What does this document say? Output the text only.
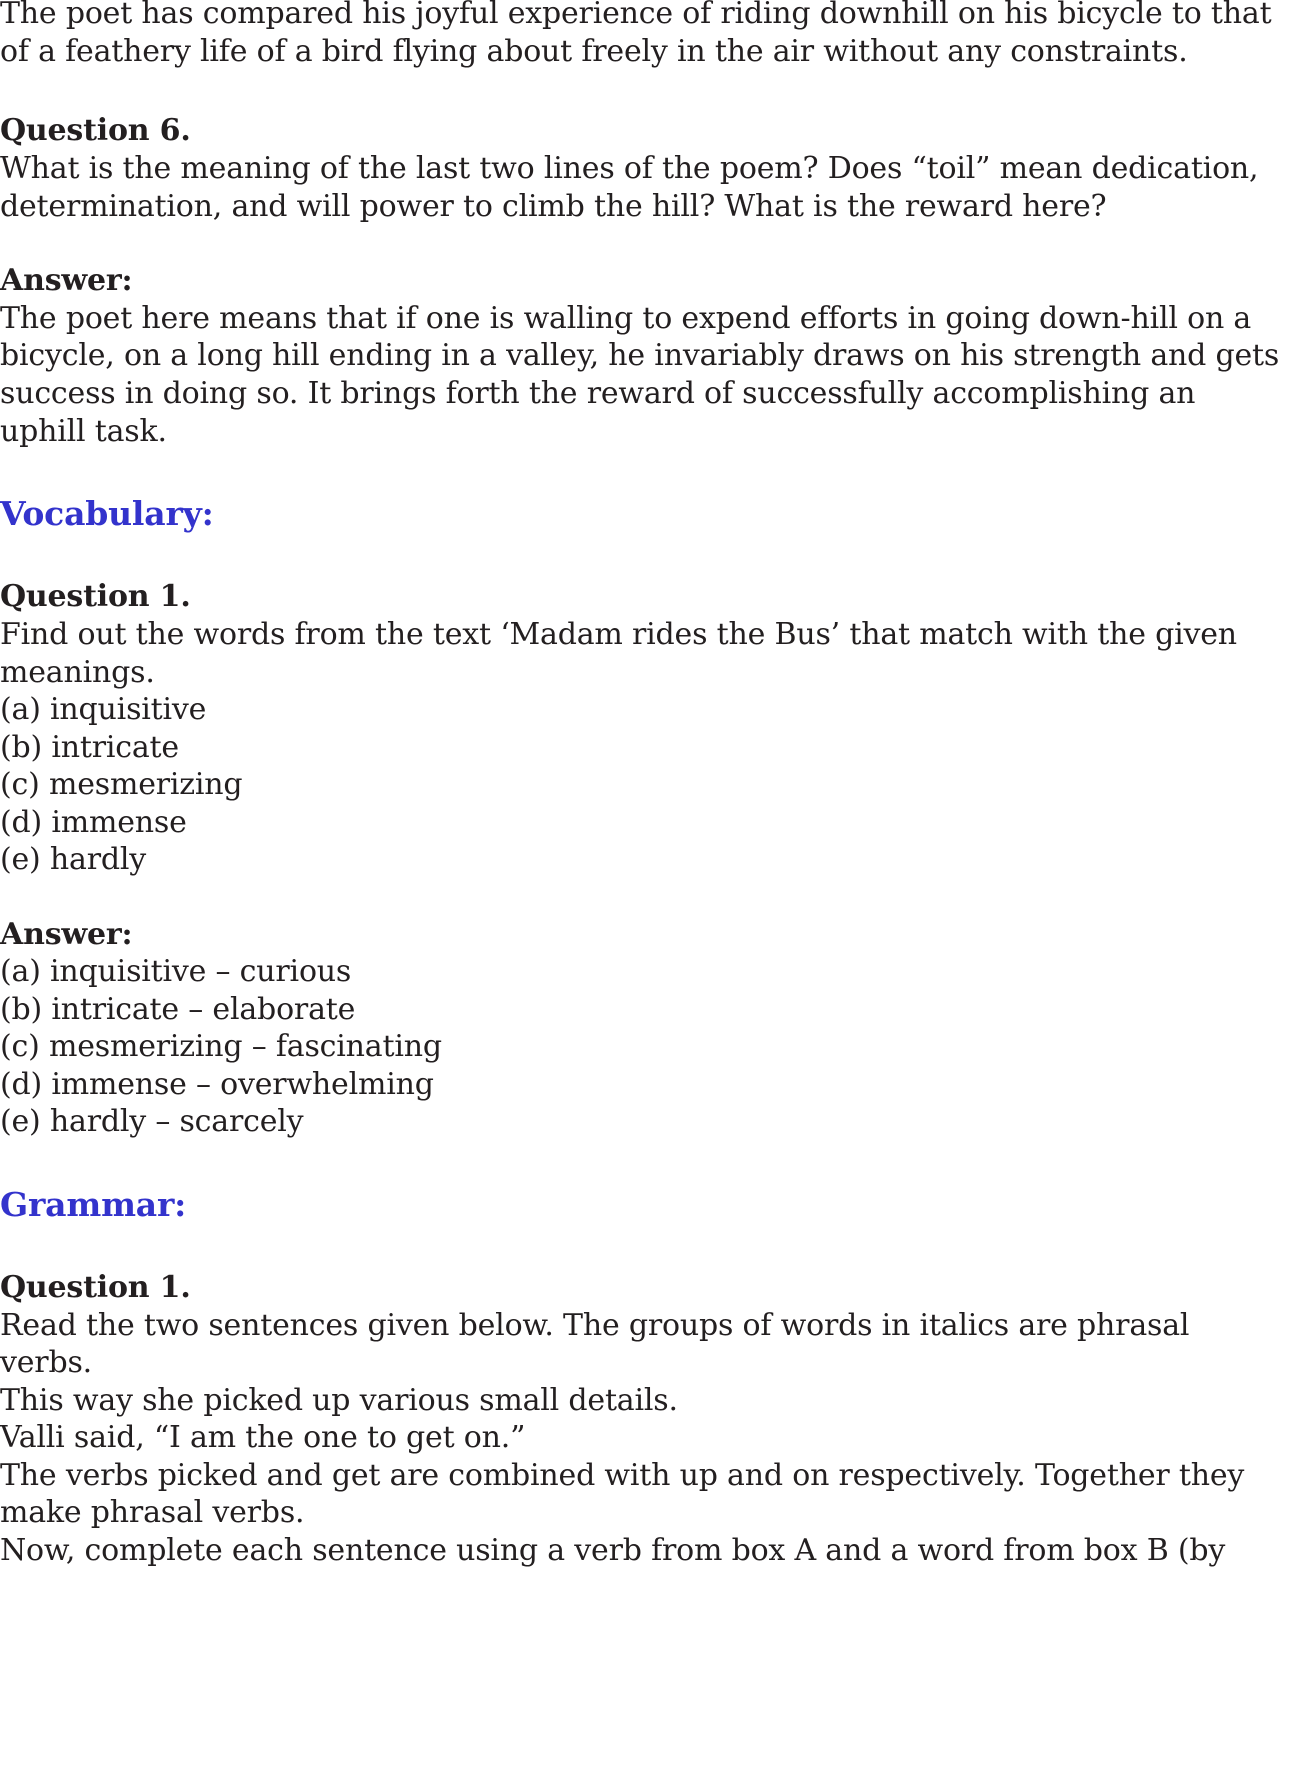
The poet has compared his joyful experience of riding downhill on his bicycle to that
of a feathery life of a bird flying about freely in the air without any constraints.
Question 6.
What is the meaning of the last two lines of the poem? Does “toil” mean dedication,
determination, and will power to climb the hill? What is the reward here?
Answer:
The poet here means that if one is walling to expend efforts in going down-hill on a
bicycle, on a long hill ending in a valley, he invariably draws on his strength and gets
success in doing so. It brings forth the reward of successfully accomplishing an
uphill task.
Vocabulary:
Question 1.
Find out the words from the text ‘Madam rides the Bus’ that match with the given
meanings.
(a) inquisitive
(b) intricate
(c) mesmerizing
(d) immense
(e) hardly
Answer:
(a) inquisitive – curious
(b) intricate – elaborate
(c) mesmerizing – fascinating
(d) immense – overwhelming
(e) hardly – scarcely
Grammar:
Question 1.
Read the two sentences given below. The groups of words in italics are phrasal
verbs.
This way she picked up various small details.
Valli said, “I am the one to get on.”
The verbs picked and get are combined with up and on respectively. Together they
make phrasal verbs.
Now, complete each sentence using a verb from box A and a word from box B (by
